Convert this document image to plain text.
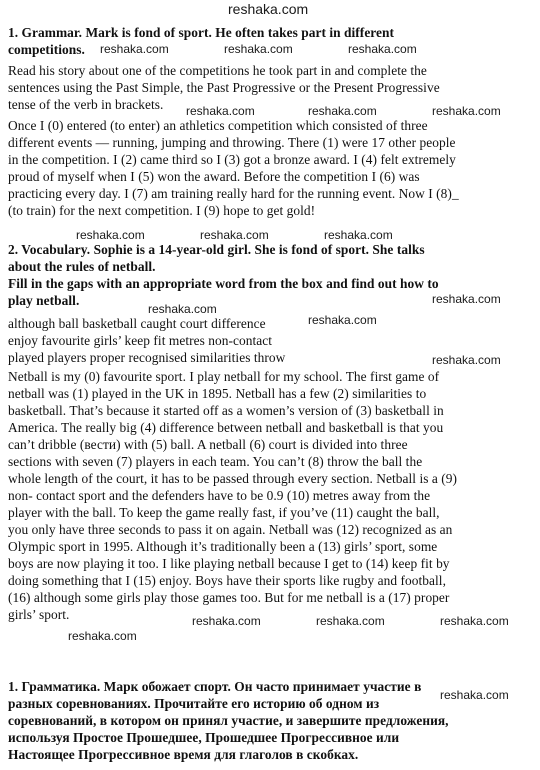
reshaka.com
1. Grammar. Mark is fond of sport. He often takes part in different
competitions. reshaka.com	reshaka.com	reshaka.com
Read his story about one of the competitions he took part in and complete the
sentences using the Past Simple, the Past Progressive or the Present Progressive
tense of the verb in brackets. reshaka.com	reshaka.com	reshaka.com
Once I (0) entered (to enter) an athletics competition which consisted of three
different events — running, jumping and throwing. There (1) were 17 other people
in the competition. I (2) came third so I (3) got a bronze award. I (4) felt extremely
proud of myself when I (5) won the award. Before the competition I (6) was
practicing every day. I (7) am training really hard for the running event. Now I (8)_
(to train) for the next competition. I (9) hope to get gold!
reshaka.com	reshaka.com	reshaka.com
2. Vocabulary. Sophie is a 14-year-old girl. She is fond of sport. She talks
about the rules of netball.
Fill in the gaps with an appropriate word from the box and find out how to
play netball.	reshaka.com
reshaka.com
although ball basketball caught court difference	reshaka.com
enjoy favourite girls’ keep fit metres non-contact
played players proper recognised similarities throw	reshaka.com
Netball is my (0) favourite sport. I play netball for my school. The first game of
netball was (1) played in the UK in 1895. Netball has a few (2) similarities to
basketball. That’s because it started off as a women’s version of (3) basketball in
America. The really big (4) difference between netball and basketball is that you
can’t dribble (вести) with (5) ball. A netball (6) court is divided into three
sections with seven (7) players in each team. You can’t (8) throw the ball the
whole length of the court, it has to be passed through every section. Netball is a (9)
non- contact sport and the defenders have to be 0.9 (10) metres away from the
player with the ball. To keep the game really fast, if you’ve (11) caught the ball,
you only have three seconds to pass it on again. Netball was (12) recognized as an
Olympic sport in 1995. Although it’s traditionally been a (13) girls’ sport, some
boys are now playing it too. I like playing netball because I get to (14) keep fit by
doing something that I (15) enjoy. Boys have their sports like rugby and football,
(16) although some girls play those games too. But for me netball is a (17) proper
girls’ sport.	reshaka.com	reshaka.com	reshaka.com
reshaka.com
1. Грамматика. Марк обожает спорт. Он часто принимает участие в
разных соревнованиях. Прочитайте его историю об одном из
reshaka.com
соревнований, в котором он принял участие, и завершите предложения,
используя Простое Прошедшее, Прошедшее Прогрессивное или
Настоящее Прогрессивное время для глаголов в скобках.
